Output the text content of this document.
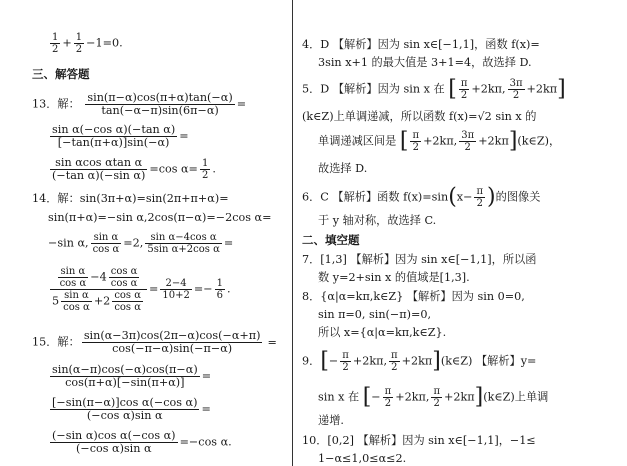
$\frac{1}{2} + \frac{1}{2} -1=0$.
三、解答题
13．解： $\frac{\sin(\pi-\alpha)\cos(\pi+\alpha)\tan(-\alpha)}{\tan(-\alpha-\pi)\sin(6\pi-\alpha)}$ =
$\frac{\text{sin α(−cos α)(−tan α)}}{[-\tan(\pi+\alpha)]\sin(-\alpha)}$ =
$\frac{\text{sin αcos αtan α}}{\text{(−tan α)(−sin α)}} =\cos$ $\alpha= \frac{1}{2}$ .
14．解：sin(3π+α)=sin(2π+π+α)=
sin(π+α)=−sin α,2cos(π−α)=−2cos α=
−sin α, $\frac{\text{sin α}}{\text{cos α}} =2$, $\frac{\text{sin α−4cos α}}{\text{5sin α+2cos α}}$ =
$\frac{\frac{\text{sin α}}{\text{cos α}} -4 \frac{\text{cos α}}{\text{cos α}}}{5 \frac{\text{sin α}}{\text{cos α}} +2 \frac{\text{cos α}}{\text{cos α}}} = \frac{2-4}{10+2} =- \frac{1}{6}$ .
15．解： $\frac{\sin(\alpha-3\pi)\cos(2\pi-\alpha)\cos(-\alpha+\pi)}{\cos(-\pi-\alpha)\sin(-\pi-\alpha)}$ =
$\frac{\sin(\alpha-\pi)\cos(-\alpha)\cos(\pi-\alpha)}{\cos(\pi+\alpha)[-\sin(\pi+\alpha)]}$ =
$\frac{\text{[−sin(π−α)]cos α(−cos α)}}{\text{(−cos α)sin α}}$ =
$\frac{\text{(−sin α)cos α(−cos α)}}{\text{(−cos α)sin α}} =-\cos$ α.
4．D 【解析】因为 sin x∈[−1,1]，函数 f(x)=
3sin x+1 的最大值是 3+1=4，故选择 D.
5．D 【解析】因为 sin x 在 [ $\frac{\pi}{2} +2k\pi$, $\frac{3\pi}{2} +2k\pi$]
(k∈Z)上单调递减，所以函数 f(x)=√2 sin x 的
单调递减区间是 [ $\frac{\pi}{2} +2k\pi$, $\frac{3\pi}{2}$ +2kπ](k∈Z)，
故选择 D.
6．C 【解析】函数 $f(x)=\sin(x- \frac{\pi}{2}$ )的图像关
于 y 轴对称，故选择 C.
二、填空题
7．[1,3] 【解析】因为 sin x∈[−1,1]，所以函
数 y=2+sin x 的值域是[1,3].
8．{α|α=kπ,k∈Z} 【解析】因为 sin 0=0,
sin π=0, sin(−π)=0,
所以 x={α|α=kπ,k∈Z}.
9．[− $\frac{\pi}{2} +2k\pi$, $\frac{\pi}{2}$ +2kπ](k∈Z) 【解析】y=
sin x 在 [− $\frac{\pi}{2} +2k\pi$, $\frac{\pi}{2}$ +2kπ](k∈Z)上单调
递增.
10．[0,2] 【解析】因为 sin x∈[−1,1]，−1≤
1−α≤1,0≤α≤2.
